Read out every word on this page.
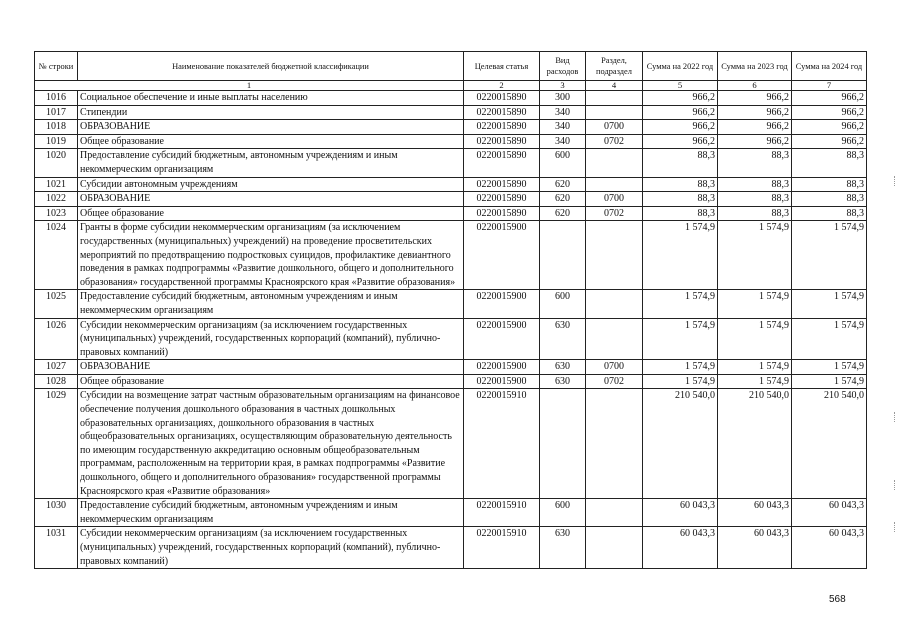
№ строки	Наименование показателей бюджетной классификации	Целевая статья	Вид расходов	Раздел, подраздел	Сумма на 2022 год	Сумма на 2023 год	Сумма на 2024 год
1		2	3	4	5	6	7
1016	Социальное обеспечение и иные выплаты населению	0220015890	300		966,2	966,2	966,2
1017	Стипендии	0220015890	340		966,2	966,2	966,2
1018	ОБРАЗОВАНИЕ	0220015890	340	0700	966,2	966,2	966,2
1019	Общее образование	0220015890	340	0702	966,2	966,2	966,2
1020	Предоставление субсидий бюджетным, автономным учреждениям и иным некоммерческим организациям	0220015890	600		88,3	88,3	88,3
1021	Субсидии автономным учреждениям	0220015890	620		88,3	88,3	88,3
1022	ОБРАЗОВАНИЕ	0220015890	620	0700	88,3	88,3	88,3
1023	Общее образование	0220015890	620	0702	88,3	88,3	88,3
1024	Гранты в форме субсидии некоммерческим организациям (за исключением государственных (муниципальных) учреждений) на проведение просветительских мероприятий по предотвращению подростковых суицидов, профилактике девиантного поведения в рамках подпрограммы «Развитие дошкольного, общего и дополнительного образования» государственной программы Красноярского края «Развитие образования»	0220015900			1 574,9	1 574,9	1 574,9
1025	Предоставление субсидий бюджетным, автономным учреждениям и иным некоммерческим организациям	0220015900	600		1 574,9	1 574,9	1 574,9
1026	Субсидии некоммерческим организациям (за исключением государственных (муниципальных) учреждений, государственных корпораций (компаний), публично-правовых компаний)	0220015900	630		1 574,9	1 574,9	1 574,9
1027	ОБРАЗОВАНИЕ	0220015900	630	0700	1 574,9	1 574,9	1 574,9
1028	Общее образование	0220015900	630	0702	1 574,9	1 574,9	1 574,9
1029	Субсидии на возмещение затрат частным образовательным организациям на финансовое обеспечение получения дошкольного образования в частных дошкольных образовательных организациях, дошкольного образования в частных общеобразовательных организациях, осуществляющим образовательную деятельность по имеющим государственную аккредитацию основным общеобразовательным программам, расположенным на территории края, в рамках подпрограммы «Развитие дошкольного, общего и дополнительного образования» государственной программы Красноярского края «Развитие образования»	0220015910			210 540,0	210 540,0	210 540,0
1030	Предоставление субсидий бюджетным, автономным учреждениям и иным некоммерческим организациям	0220015910	600		60 043,3	60 043,3	60 043,3
1031	Субсидии некоммерческим организациям (за исключением государственных (муниципальных) учреждений, государственных корпораций (компаний), публично-правовых компаний)	0220015910	630		60 043,3	60 043,3	60 043,3
568
